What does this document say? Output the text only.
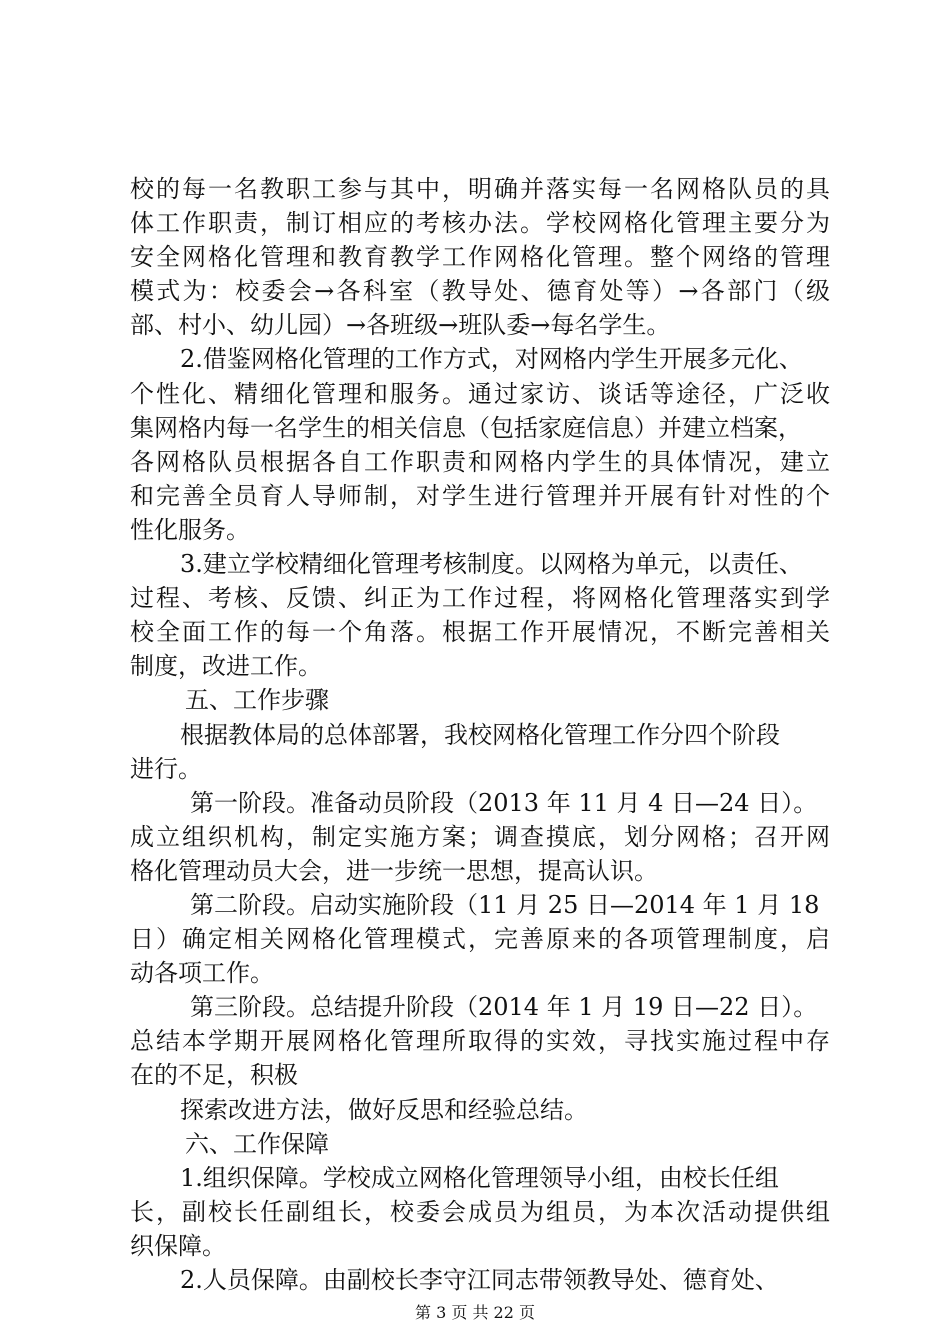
校的每一名教职工参与其中，明确并落实每一名网格队员的具
体工作职责，制订相应的考核办法。学校网格化管理主要分为
安全网格化管理和教育教学工作网格化管理。整个网络的管理
模式为：校委会→各科室（教导处、德育处等）→各部门（级
部、村小、幼儿园）→各班级→班队委→每名学生。
2.借鉴网格化管理的工作方式，对网格内学生开展多元化、
个性化、精细化管理和服务。通过家访、谈话等途径，广泛收
集网格内每一名学生的相关信息（包括家庭信息）并建立档案，
各网格队员根据各自工作职责和网格内学生的具体情况，建立
和完善全员育人导师制，对学生进行管理并开展有针对性的个
性化服务。
3.建立学校精细化管理考核制度。以网格为单元，以责任、
过程、考核、反馈、纠正为工作过程，将网格化管理落实到学
校全面工作的每一个角落。根据工作开展情况，不断完善相关
制度，改进工作。
五、工作步骤
根据教体局的总体部署，我校网格化管理工作分四个阶段
进行。
第一阶段。准备动员阶段（2013 年 11 月 4 日—24 日）。
成立组织机构，制定实施方案；调查摸底，划分网格；召开网
格化管理动员大会，进一步统一思想，提高认识。
第二阶段。启动实施阶段（11 月 25 日—2014 年 1 月 18
日）确定相关网格化管理模式，完善原来的各项管理制度，启
动各项工作。
第三阶段。总结提升阶段（2014 年 1 月 19 日—22 日）。
总结本学期开展网格化管理所取得的实效，寻找实施过程中存
在的不足，积极
探索改进方法，做好反思和经验总结。
六、工作保障
1.组织保障。学校成立网格化管理领导小组，由校长任组
长，副校长任副组长，校委会成员为组员，为本次活动提供组
织保障。
2.人员保障。由副校长李守江同志带领教导处、德育处、
第 3 页 共 22 页
